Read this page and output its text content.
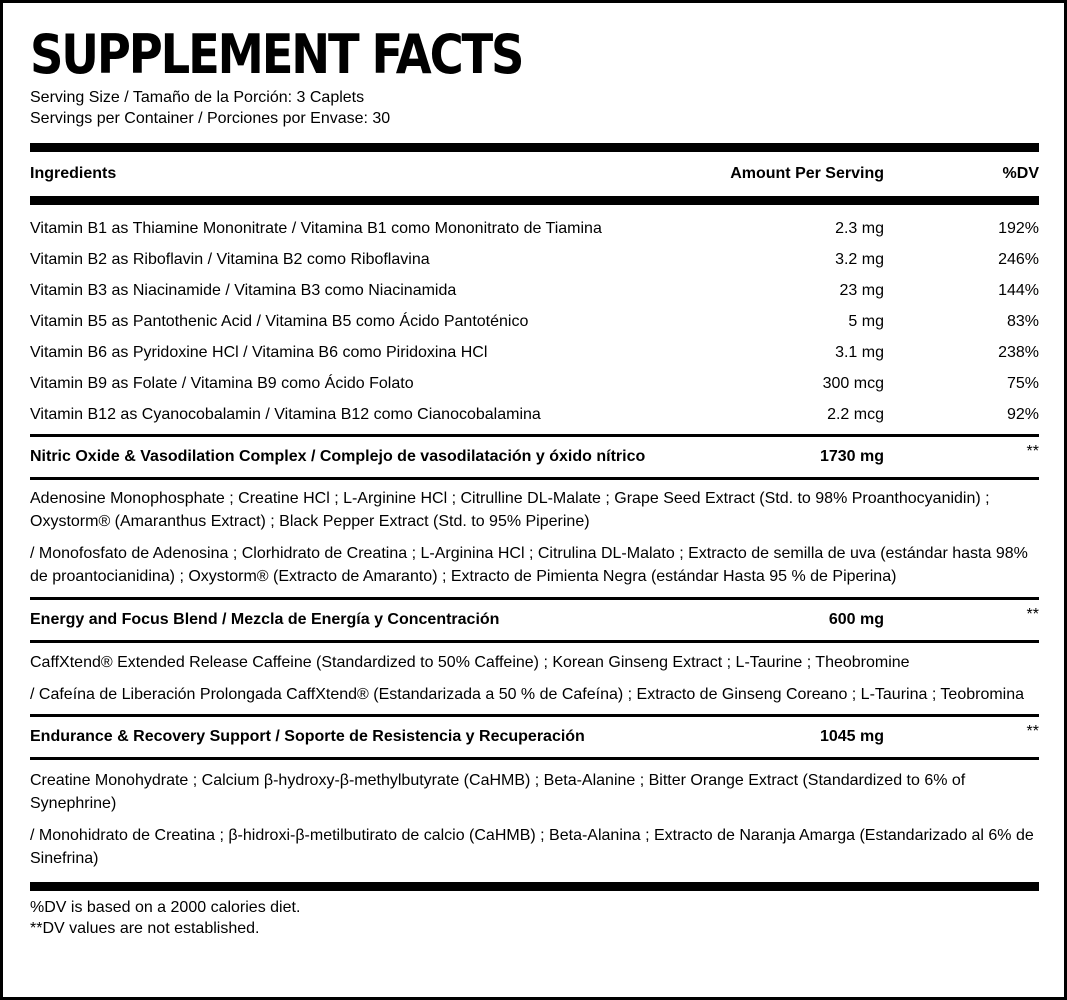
SUPPLEMENT FACTS
Serving Size / Tamaño de la Porción: 3 Caplets
Servings per Container / Porciones por Envase: 30
Ingredients	Amount Per Serving	%DV
Vitamin B1 as Thiamine Mononitrate / Vitamina B1 como Mononitrato de Tiamina	2.3 mg	192%
Vitamin B2 as Riboflavin / Vitamina B2 como Riboflavina	3.2 mg	246%
Vitamin B3 as Niacinamide / Vitamina B3 como Niacinamida	23 mg	144%
Vitamin B5 as Pantothenic Acid / Vitamina B5 como Ácido Pantoténico	5 mg	83%
Vitamin B6 as Pyridoxine HCl / Vitamina B6 como Piridoxina HCl	3.1 mg	238%
Vitamin B9 as Folate / Vitamina B9 como Ácido Folato	300 mcg	75%
Vitamin B12 as Cyanocobalamin / Vitamina B12 como Cianocobalamina	2.2 mcg	92%
Nitric Oxide & Vasodilation Complex / Complejo de vasodilatación y óxido nítrico	1730 mg	**

Adenosine Monophosphate ; Creatine HCl ; L-Arginine HCl ; Citrulline DL-Malate ; Grape Seed Extract (Std. to 98% Proanthocyanidin) ; Oxystorm® (Amaranthus Extract) ; Black Pepper Extract (Std. to 95% Piperine)

/ Monofosfato de Adenosina ; Clorhidrato de Creatina ; L-Arginina HCl ; Citrulina DL-Malato ; Extracto de semilla de uva (estándar hasta 98% de proantocianidina) ; Oxystorm® (Extracto de Amaranto) ; Extracto de Pimienta Negra (estándar Hasta 95 % de Piperina)

Energy and Focus Blend / Mezcla de Energía y Concentración	600 mg	**

CaffXtend® Extended Release Caffeine (Standardized to 50% Caffeine) ; Korean Ginseng Extract ; L-Taurine ; Theobromine

/ Cafeína de Liberación Prolongada CaffXtend® (Estandarizada a 50 % de Cafeína) ; Extracto de Ginseng Coreano ; L-Taurina ; Teobromina

Endurance & Recovery Support / Soporte de Resistencia y Recuperación	1045 mg	**

Creatine Monohydrate ; Calcium β-hydroxy-β-methylbutyrate (CaHMB) ; Beta-Alanine ; Bitter Orange Extract (Standardized to 6% of Synephrine)

/ Monohidrato de Creatina ; β-hidroxi-β-metilbutirato de calcio (CaHMB) ; Beta-Alanina ; Extracto de Naranja Amarga (Estandarizado al 6% de Sinefrina)

%DV is based on a 2000 calories diet.
**DV values are not established.
